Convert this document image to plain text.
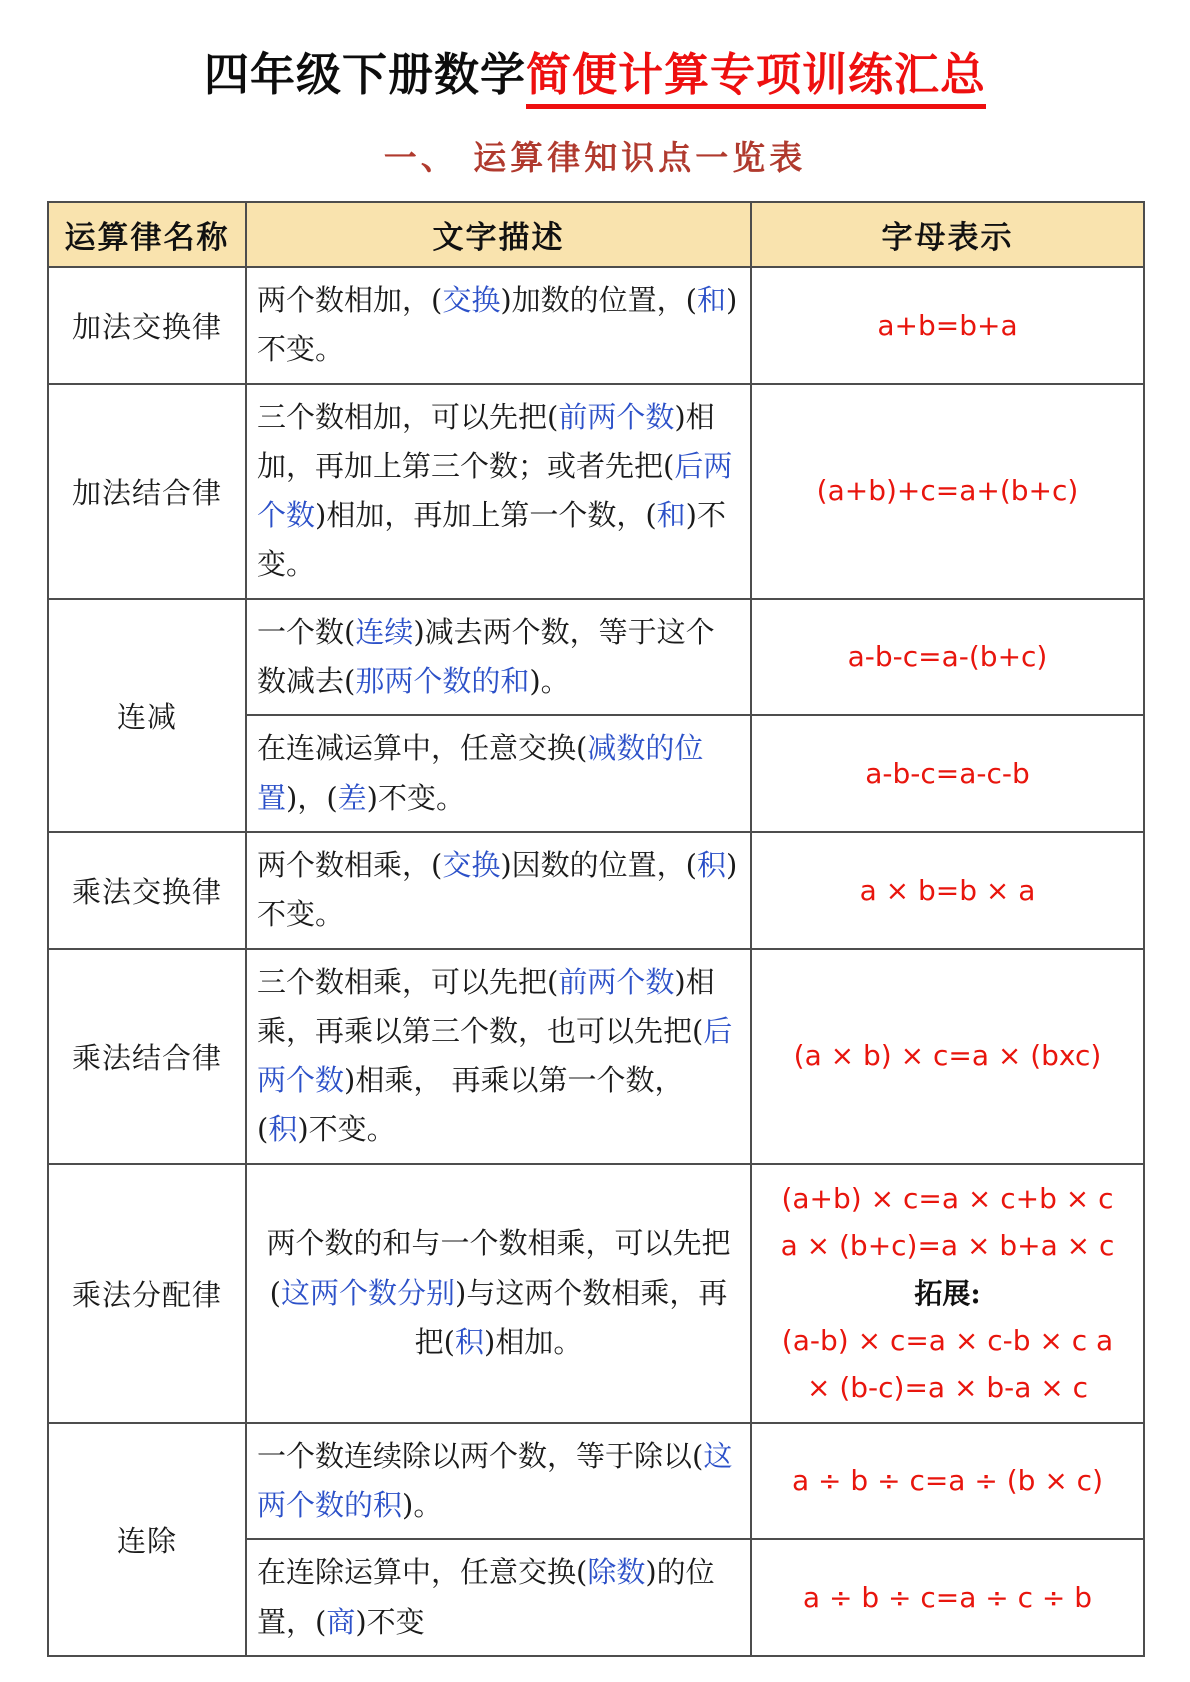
四年级下册数学简便计算专项训练汇总
一、 运算律知识点一览表
运算律名称	文字描述	字母表示
加法交换律	两个数相加，(交换)加数的位置，(和)不变。	a+b=b+a

加法结合律	三个数相加，可以先把(前两个数)相加，再加上第三个数；或者先把(后两个数)相加，再加上第一个数，(和)不变。	(a+b)+c=a+(b+c)

连减	一个数(连续)减去两个数，等于这个数减去(那两个数的和)。	a-b-c=a-(b+c)

	在连减运算中，任意交换(减数的位置)，(差)不变。	a-b-c=a-c-b

乘法交换律	两个数相乘，(交换)因数的位置，(积)不变。	a × b=b × a

乘法结合律	三个数相乘，可以先把(前两个数)相乘，再乘以第三个数，也可以先把(后两个数)相乘， 再乘以第一个数， (积)不变。	(a × b) × c=a × (bxc)

乘法分配律	两个数的和与一个数相乘，可以先把(这两个数分别)与这两个数相乘，再把(积)相加。	(a+b) × c=a × c+b × c
a × (b+c)=a × b+a × c
拓展:
(a-b) × c=a × c-b × c a
× (b-c)=a × b-a × c

连除	一个数连续除以两个数，等于除以(这两个数的积)。	a ÷ b ÷ c=a ÷ (b × c)

	在连除运算中，任意交换(除数)的位置，(商)不变	a ÷ b ÷ c=a ÷ c ÷ b
